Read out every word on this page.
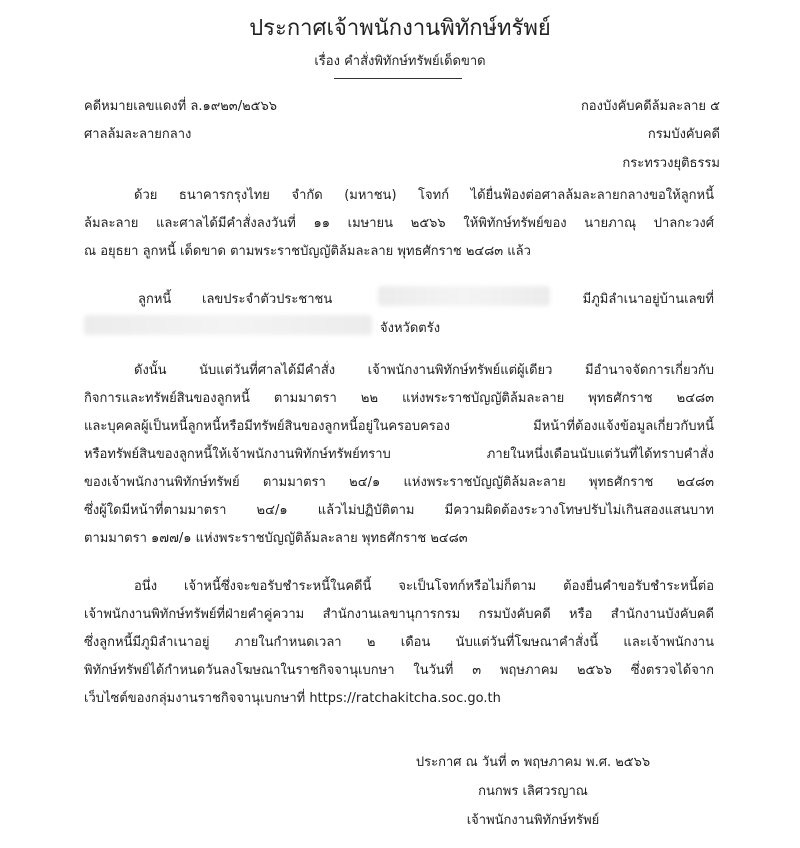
ประกาศเจ้าพนักงานพิทักษ์ทรัพย์
เรื่อง คำสั่งพิทักษ์ทรัพย์เด็ดขาด
คดีหมายเลขแดงที่ ล.๑๙๒๓/๒๕๖๖
ศาลล้มละลายกลาง
กองบังคับคดีล้มละลาย ๕
กรมบังคับคดี
กระทรวงยุติธรรม
ด้วย ธนาคารกรุงไทย จำกัด (มหาชน) โจทก์ ได้ยื่นฟ้องต่อศาลล้มละลายกลางขอให้ลูกหนี้
ล้มละลาย และศาลได้มีคำสั่งลงวันที่ ๑๑ เมษายน ๒๕๖๖ ให้พิทักษ์ทรัพย์ของ นายภาณุ ปาลกะวงศ์
ณ อยุธยา ลูกหนี้ เด็ดขาด ตามพระราชบัญญัติล้มละลาย พุทธศักราช ๒๔๘๓ แล้ว
ลูกหนี้ เลขประจำตัวประชาชน	มีภูมิลำเนาอยู่บ้านเลขที่
จังหวัดตรัง
ดังนั้น นับแต่วันที่ศาลได้มีคำสั่ง เจ้าพนักงานพิทักษ์ทรัพย์แต่ผู้เดียว มีอำนาจจัดการเกี่ยวกับ
กิจการและทรัพย์สินของลูกหนี้ ตามมาตรา ๒๒ แห่งพระราชบัญญัติล้มละลาย พุทธศักราช ๒๔๘๓
และบุคคลผู้เป็นหนี้ลูกหนี้หรือมีทรัพย์สินของลูกหนี้อยู่ในครอบครอง มีหน้าที่ต้องแจ้งข้อมูลเกี่ยวกับหนี้
หรือทรัพย์สินของลูกหนี้ให้เจ้าพนักงานพิทักษ์ทรัพย์ทราบ ภายในหนึ่งเดือนนับแต่วันที่ได้ทราบคำสั่ง
ของเจ้าพนักงานพิทักษ์ทรัพย์ ตามมาตรา ๒๔/๑ แห่งพระราชบัญญัติล้มละลาย พุทธศักราช ๒๔๘๓
ซึ่งผู้ใดมีหน้าที่ตามมาตรา ๒๔/๑ แล้วไม่ปฏิบัติตาม มีความผิดต้องระวางโทษปรับไม่เกินสองแสนบาท
ตามมาตรา ๑๗๗/๑ แห่งพระราชบัญญัติล้มละลาย พุทธศักราช ๒๔๘๓
อนึ่ง เจ้าหนี้ซึ่งจะขอรับชำระหนี้ในคดีนี้ จะเป็นโจทก์หรือไม่ก็ตาม ต้องยื่นคำขอรับชำระหนี้ต่อ
เจ้าพนักงานพิทักษ์ทรัพย์ที่ฝ่ายคำคู่ความ สำนักงานเลขานุการกรม กรมบังคับคดี หรือ สำนักงานบังคับคดี
ซึ่งลูกหนี้มีภูมิลำเนาอยู่ ภายในกำหนดเวลา ๒ เดือน นับแต่วันที่โฆษณาคำสั่งนี้ และเจ้าพนักงาน
พิทักษ์ทรัพย์ได้กำหนดวันลงโฆษณาในราชกิจจานุเบกษา ในวันที่ ๓ พฤษภาคม ๒๕๖๖ ซึ่งตรวจได้จาก
เว็บไซต์ของกลุ่มงานราชกิจจานุเบกษาที่ https://ratchakitcha.soc.go.th
ประกาศ ณ วันที่ ๓ พฤษภาคม พ.ศ. ๒๕๖๖
กนกพร เลิศวรญาณ
เจ้าพนักงานพิทักษ์ทรัพย์
